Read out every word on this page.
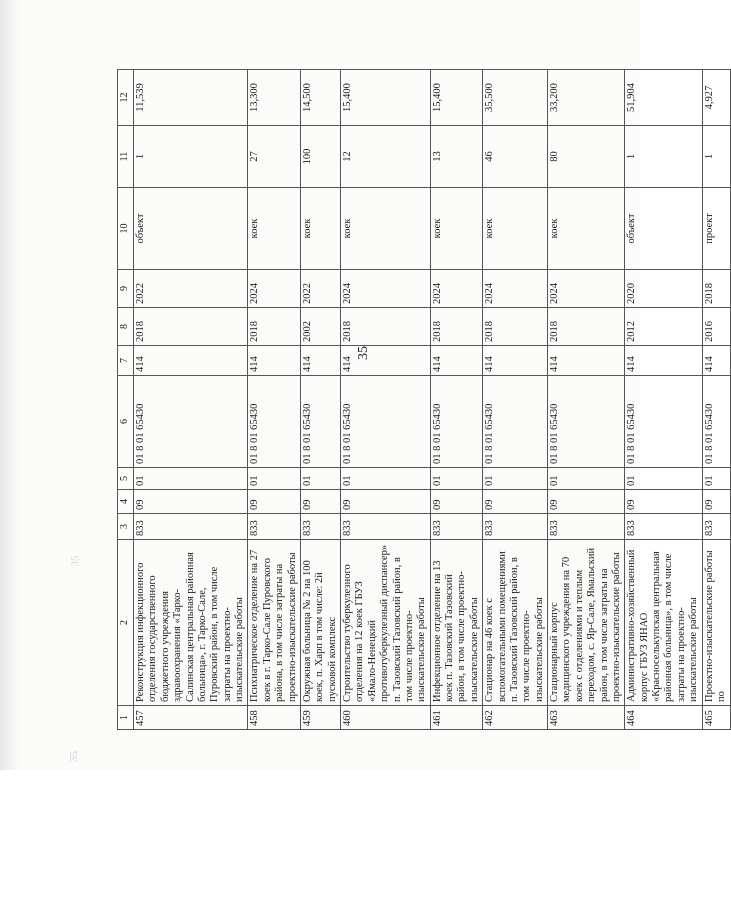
35
35
35
1	2	3	4	5	6	7	8	9	10	11	12
457	Реконструкция инфекционного отделения государственного бюджетного учреждения здравоохранения «Тарко-Салинская центральная районная больница», г. Тарко-Сале, Пуровский район, в том числе затраты на проектно-изыскательские работы	833	09	01	01 8 01 65430	414	2018	2022	объект	1	11,539
458	Психиатрическое отделение на 27 коек в г. Тарко-Сале Пуровского района, в том числе затраты на проектно-изыскательские работы	833	09	01	01 8 01 65430	414	2018	2024	коек	27	13,300
459	Окружная больница № 2 на 100 коек, п. Харп в том числе: 2й пусковой комплекс	833	09	01	01 8 01 65430	414	2002	2022	коек	100	14,500
460	Строительство туберкулезного отделения на 12 коек ГБУЗ «Ямало-Ненецкий противотуберкулезный диспансер» п. Тазовский Тазовский район, в том числе проектно-изыскательские работы	833	09	01	01 8 01 65430	414	2018	2024	коек	12	15,400
461	Инфекционное отделение на 13 коек п. Тазовский Тазовский район, в том числе проектно-изыскательские работы	833	09	01	01 8 01 65430	414	2018	2024	коек	13	15,400
462	Стационар на 46 коек с вспомогательными помещениями п. Тазовский Тазовский район, в том числе проектно-изыскательские работы	833	09	01	01 8 01 65430	414	2018	2024	коек	46	35,500
463	Стационарный корпус медицинского учреждения на 70 коек с отделениями и теплым переходом, с. Яр-Сале, Ямальский район, в том числе затраты на проектно-изыскательские работы	833	09	01	01 8 01 65430	414	2018	2024	коек	80	33,200
464	Административно-хозяйственный корпус ГБУЗ ЯНАО «Красноселькупская центральная районная больница», в том числе затраты на проектно-изыскательские работы	833	09	01	01 8 01 65430	414	2012	2020	объект	1	51,904
465	Проектно-изыскательские работы по	833	09	01	01 8 01 65430	414	2016	2018	проект	1	4,927
